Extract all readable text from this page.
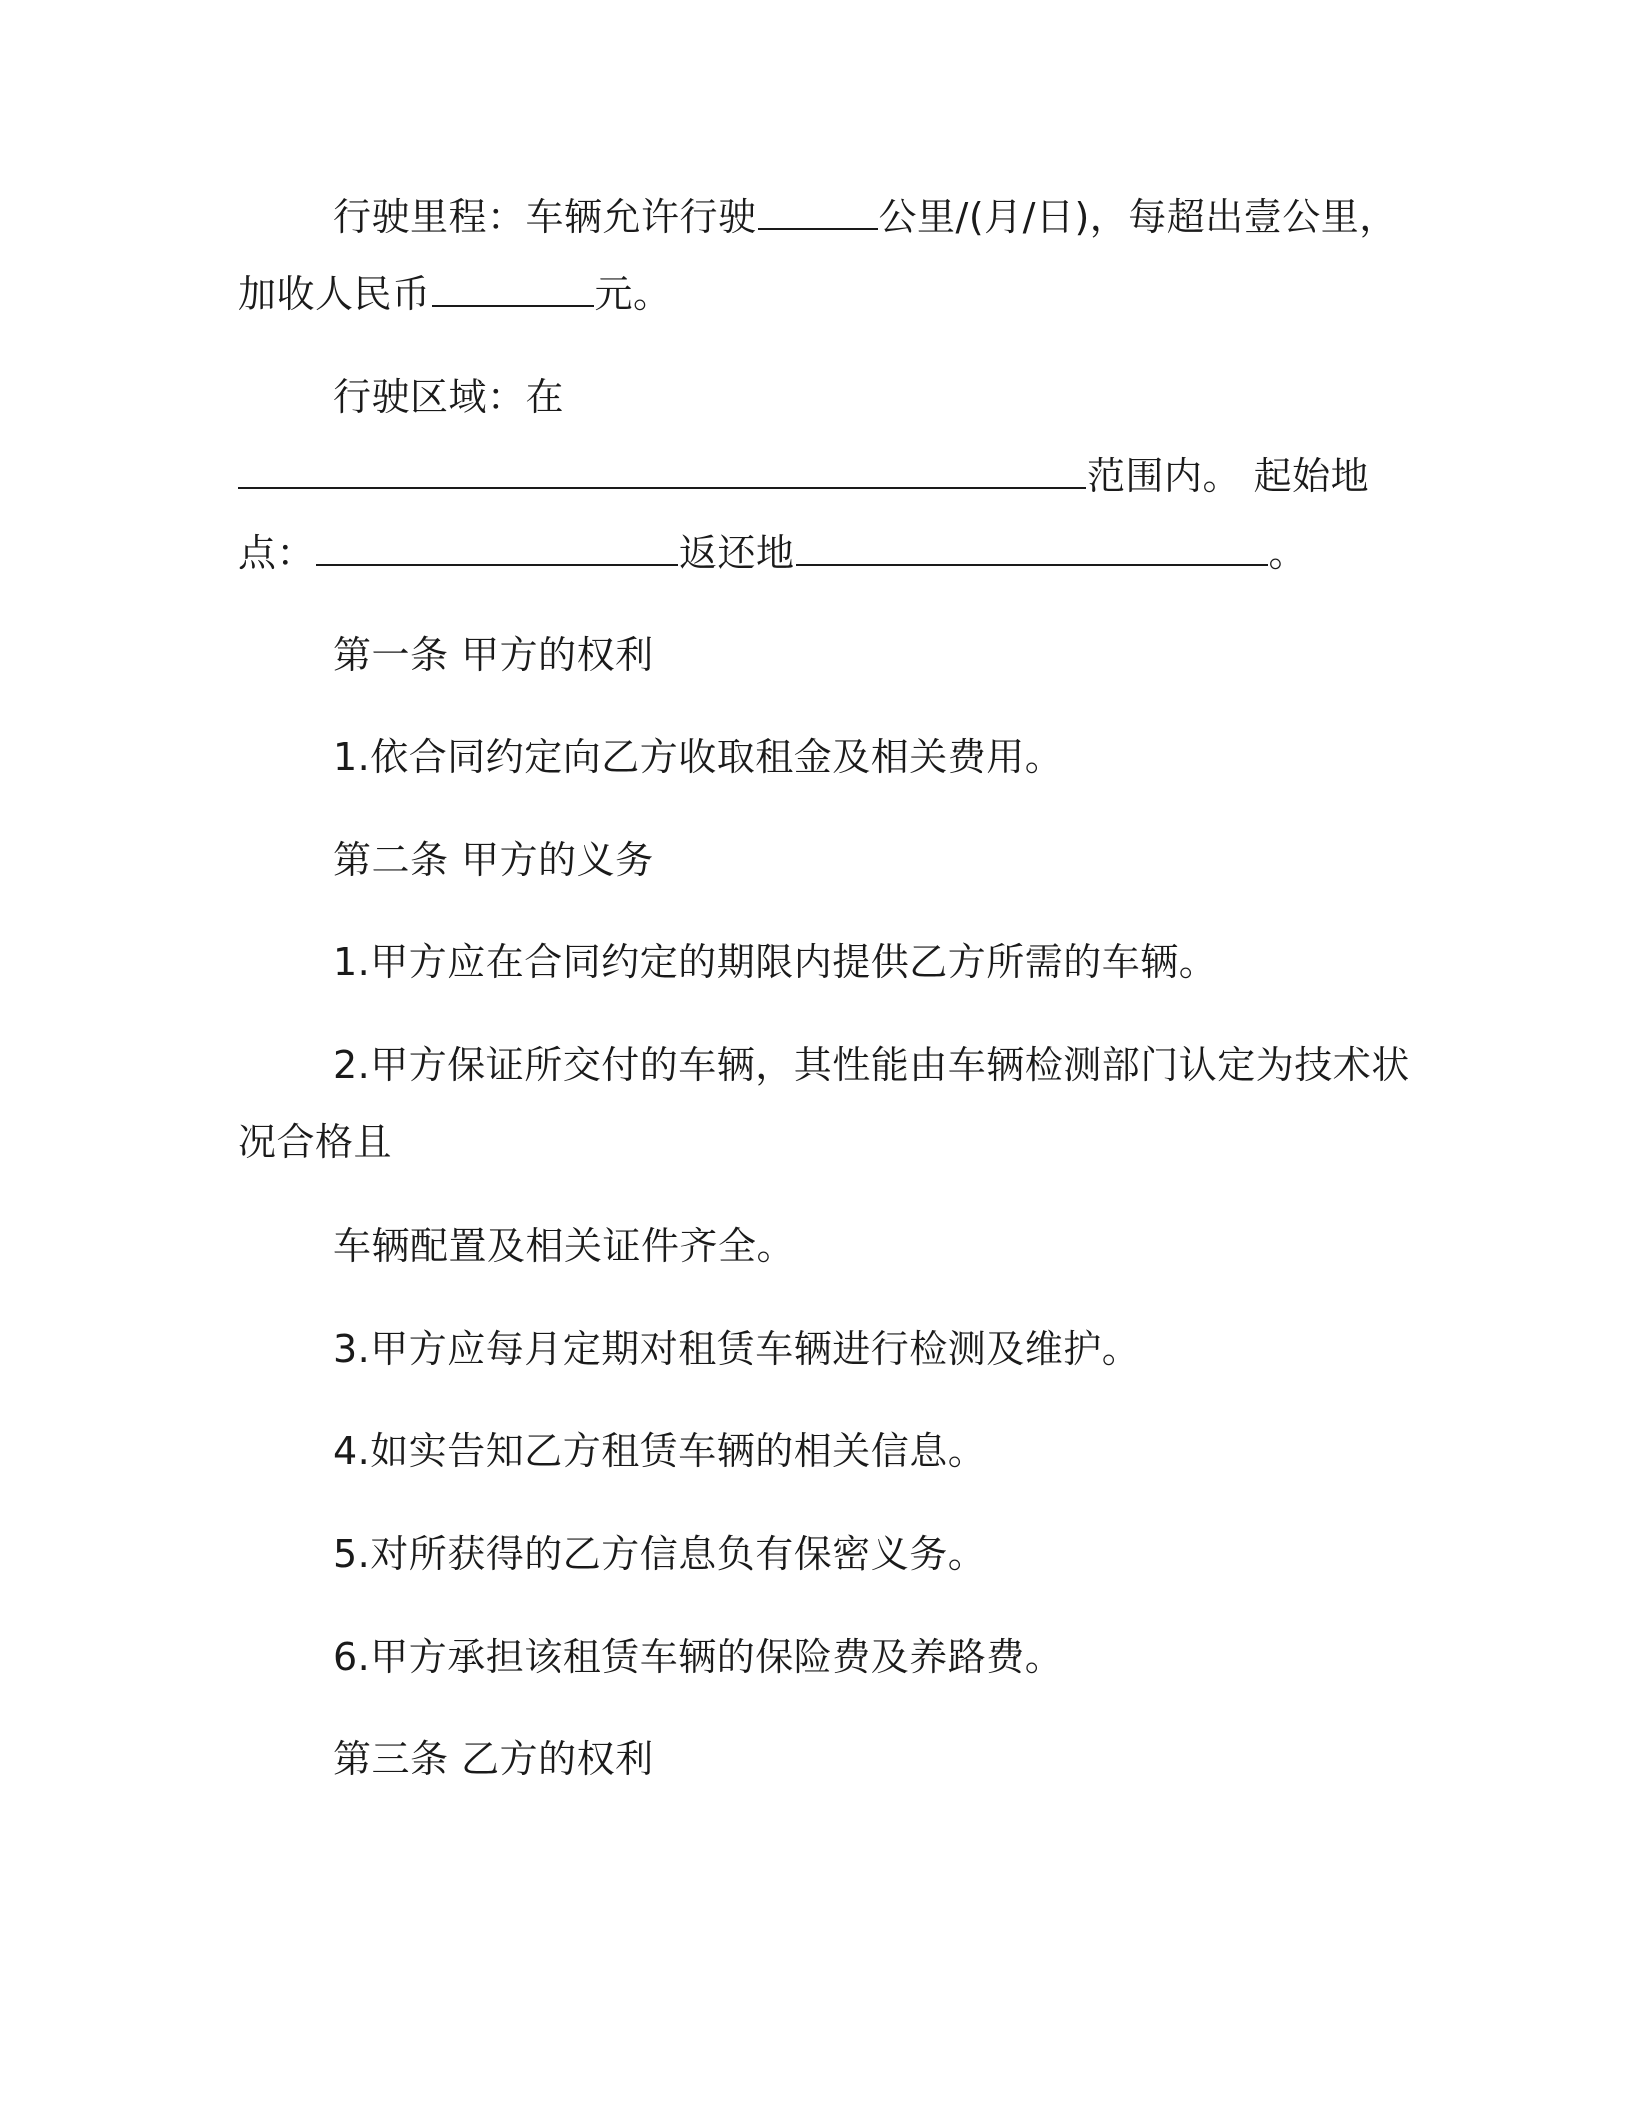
行驶里程：车辆允许行驶	公里/(月/日)，每超出壹公里，

加收人民币	元。

行驶区域：在

范围内。 起始地

点：	返还地	。

第一条 甲方的权利

1.依合同约定向乙方收取租金及相关费用。

第二条 甲方的义务

1.甲方应在合同约定的期限内提供乙方所需的车辆。

2.甲方保证所交付的车辆，其性能由车辆检测部门认定为技术状

况合格且

车辆配置及相关证件齐全。

3.甲方应每月定期对租赁车辆进行检测及维护。

4.如实告知乙方租赁车辆的相关信息。

5.对所获得的乙方信息负有保密义务。

6.甲方承担该租赁车辆的保险费及养路费。

第三条 乙方的权利
